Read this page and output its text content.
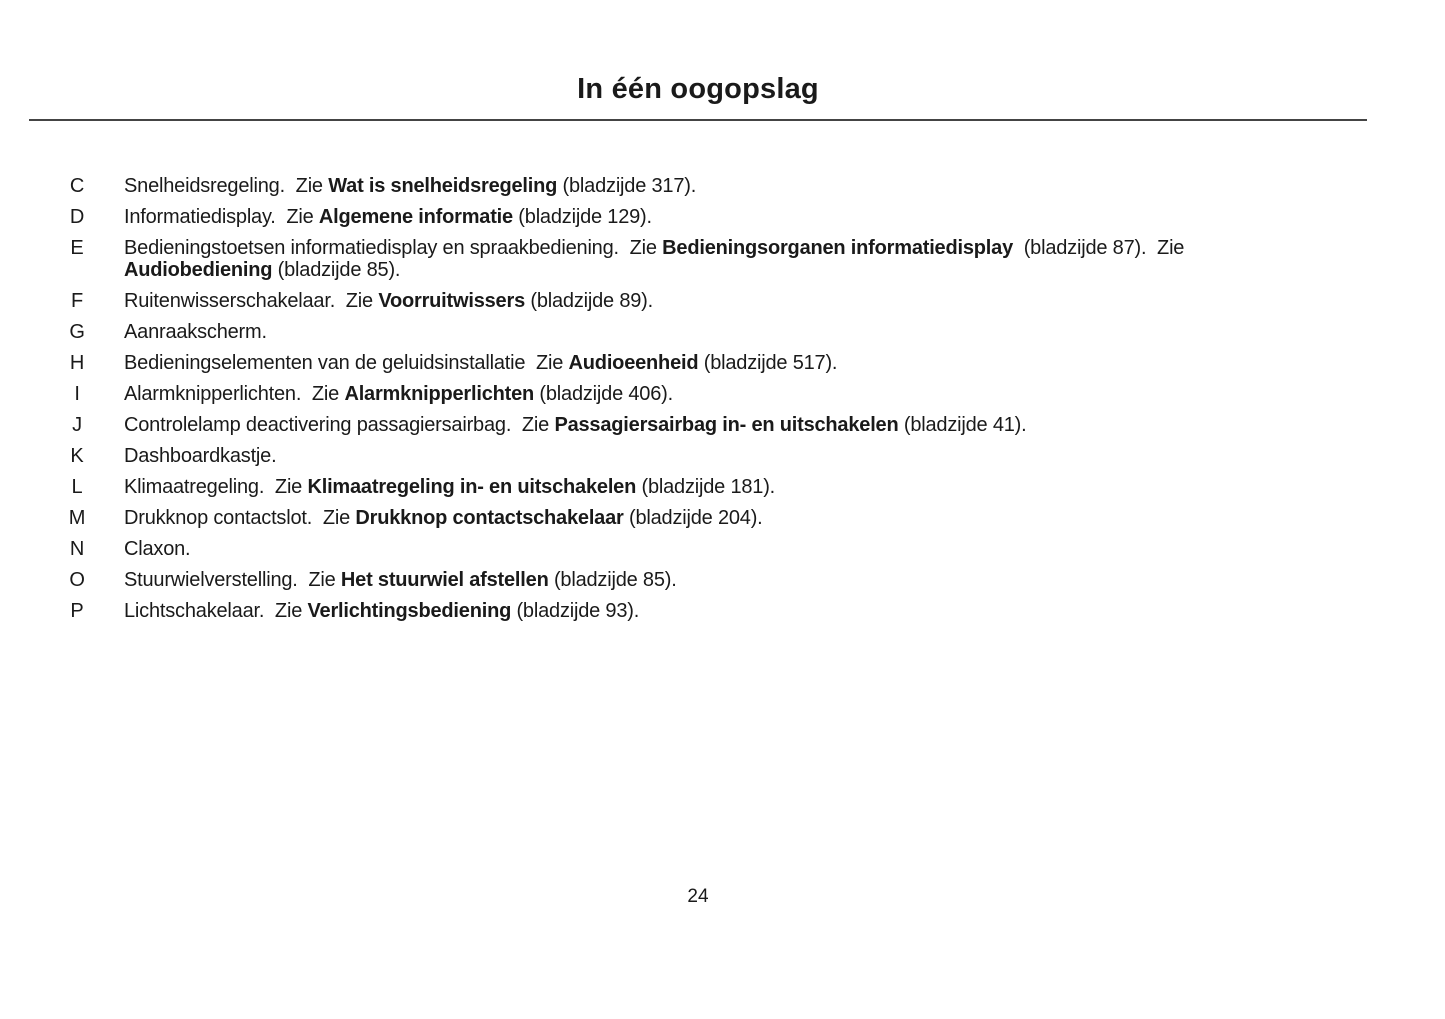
In één oogopslag
C	Snelheidsregeling.  Zie Wat is snelheidsregeling (bladzijde 317).
D	Informatiedisplay.  Zie Algemene informatie (bladzijde 129).
E	Bedieningstoetsen informatiedisplay en spraakbediening.  Zie Bedieningsorganen informatiedisplay  (bladzijde 87).  Zie
Audiobediening (bladzijde 85).
F	Ruitenwisserschakelaar.  Zie Voorruitwissers (bladzijde 89).
G	Aanraakscherm.
H	Bedieningselementen van de geluidsinstallatie  Zie Audioeenheid (bladzijde 517).
I	Alarmknipperlichten.  Zie Alarmknipperlichten (bladzijde 406).
J	Controlelamp deactivering passagiersairbag.  Zie Passagiersairbag in- en uitschakelen (bladzijde 41).
K	Dashboardkastje.
L	Klimaatregeling.  Zie Klimaatregeling in- en uitschakelen (bladzijde 181).
M	Drukknop contactslot.  Zie Drukknop contactschakelaar (bladzijde 204).
N	Claxon.
O	Stuurwielverstelling.  Zie Het stuurwiel afstellen (bladzijde 85).
P	Lichtschakelaar.  Zie Verlichtingsbediening (bladzijde 93).
24
